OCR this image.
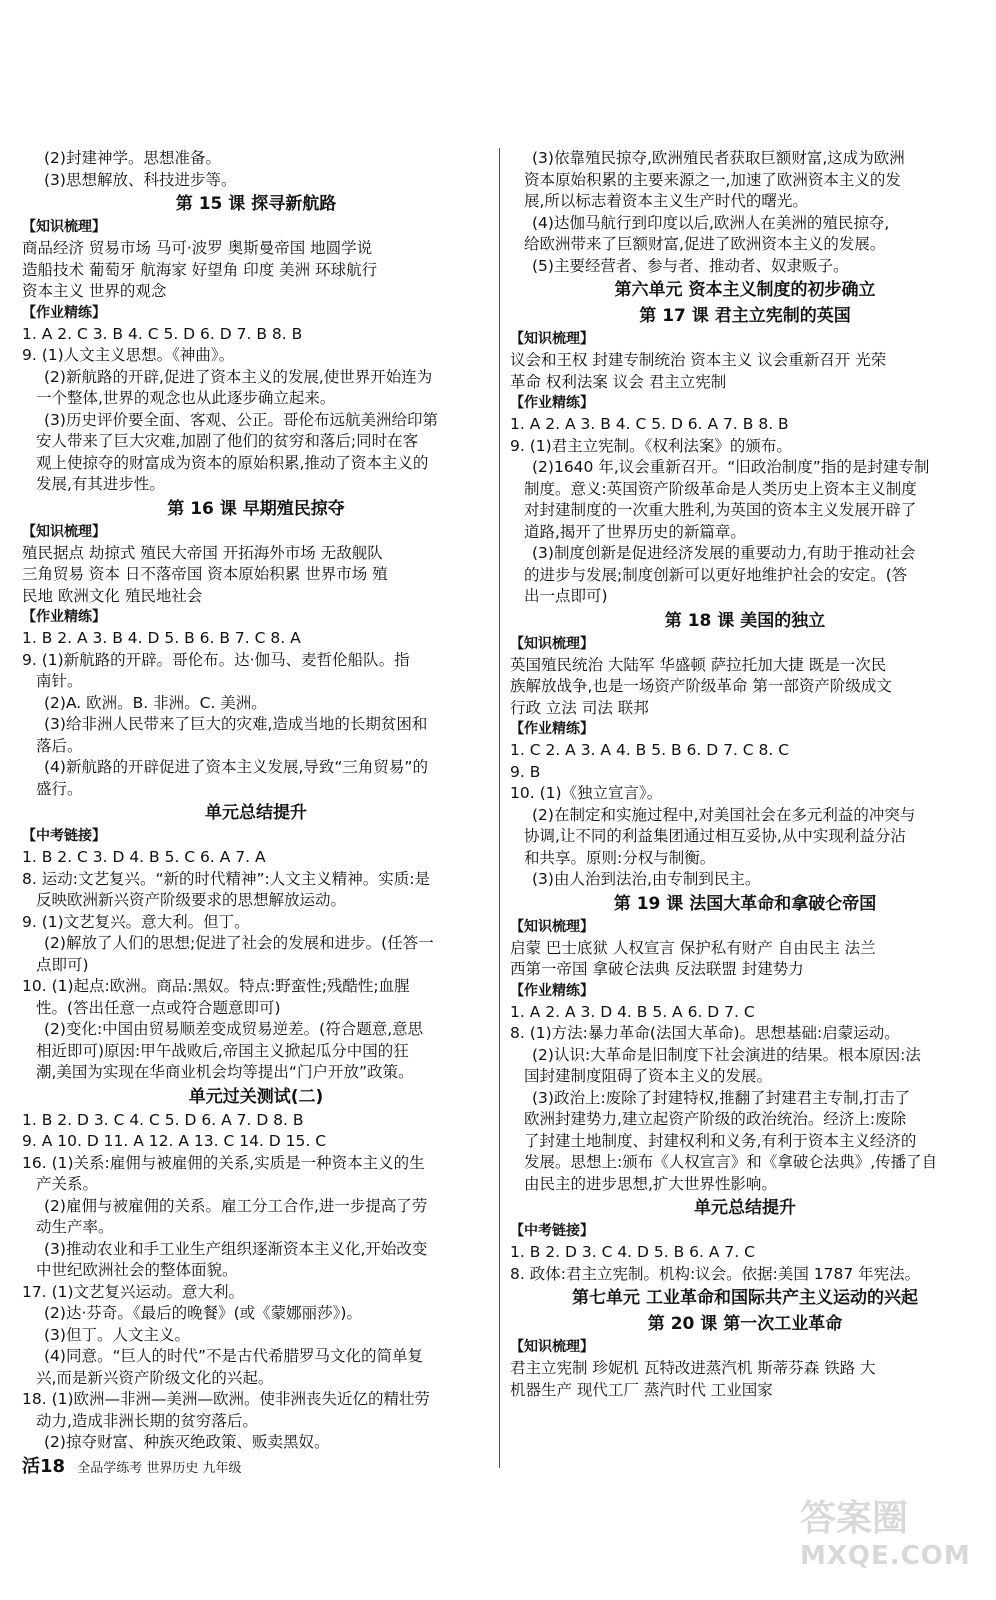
(2)封建神学。思想准备。
(3)思想解放、科技进步等。
第 15 课 探寻新航路
【知识梳理】
商品经济 贸易市场 马可·波罗 奥斯曼帝国 地圆学说
造船技术 葡萄牙 航海家 好望角 印度 美洲 环球航行
资本主义 世界的观念
【作业精练】
1. A 2. C 3. B 4. C 5. D 6. D 7. B 8. B
9. (1)人文主义思想。《神曲》。
(2)新航路的开辟,促进了资本主义的发展,使世界开始连为
一个整体,世界的观念也从此逐步确立起来。
(3)历史评价要全面、客观、公正。哥伦布远航美洲给印第
安人带来了巨大灾难,加剧了他们的贫穷和落后;同时在客
观上使掠夺的财富成为资本的原始积累,推动了资本主义的
发展,有其进步性。
第 16 课 早期殖民掠夺
【知识梳理】
殖民据点 劫掠式 殖民大帝国 开拓海外市场 无敌舰队
三角贸易 资本 日不落帝国 资本原始积累 世界市场 殖
民地 欧洲文化 殖民地社会
【作业精练】
1. B 2. A 3. B 4. D 5. B 6. B 7. C 8. A
9. (1)新航路的开辟。哥伦布。达·伽马、麦哲伦船队。指
南针。
(2)A. 欧洲。B. 非洲。C. 美洲。
(3)给非洲人民带来了巨大的灾难,造成当地的长期贫困和
落后。
(4)新航路的开辟促进了资本主义发展,导致“三角贸易”的
盛行。
单元总结提升
【中考链接】
1. B 2. C 3. D 4. B 5. C 6. A 7. A
8. 运动:文艺复兴。“新的时代精神”:人文主义精神。实质:是
反映欧洲新兴资产阶级要求的思想解放运动。
9. (1)文艺复兴。意大利。但丁。
(2)解放了人们的思想;促进了社会的发展和进步。(任答一
点即可)
10. (1)起点:欧洲。商品:黑奴。特点:野蛮性;残酷性;血腥
性。(答出任意一点或符合题意即可)
(2)变化:中国由贸易顺差变成贸易逆差。(符合题意,意思
相近即可)原因:甲午战败后,帝国主义掀起瓜分中国的狂
潮,美国为实现在华商业机会均等提出“门户开放”政策。
单元过关测试(二)
1. B 2. D 3. C 4. C 5. D 6. A 7. D 8. B
9. A 10. D 11. A 12. A 13. C 14. D 15. C
16. (1)关系:雇佣与被雇佣的关系,实质是一种资本主义的生
产关系。
(2)雇佣与被雇佣的关系。雇工分工合作,进一步提高了劳
动生产率。
(3)推动农业和手工业生产组织逐渐资本主义化,开始改变
中世纪欧洲社会的整体面貌。
17. (1)文艺复兴运动。意大利。
(2)达·芬奇。《最后的晚餐》(或《蒙娜丽莎》)。
(3)但丁。人文主义。
(4)同意。“巨人的时代”不是古代希腊罗马文化的简单复
兴,而是新兴资产阶级文化的兴起。
18. (1)欧洲—非洲—美洲—欧洲。使非洲丧失近亿的精壮劳
动力,造成非洲长期的贫穷落后。
(2)掠夺财富、种族灭绝政策、贩卖黑奴。
(3)依靠殖民掠夺,欧洲殖民者获取巨额财富,这成为欧洲
资本原始积累的主要来源之一,加速了欧洲资本主义的发
展,所以标志着资本主义生产时代的曙光。
(4)达伽马航行到印度以后,欧洲人在美洲的殖民掠夺,
给欧洲带来了巨额财富,促进了欧洲资本主义的发展。
(5)主要经营者、参与者、推动者、奴隶贩子。
第六单元 资本主义制度的初步确立
第 17 课 君主立宪制的英国
【知识梳理】
议会和王权 封建专制统治 资本主义 议会重新召开 光荣
革命 权利法案 议会 君主立宪制
【作业精练】
1. A 2. A 3. B 4. C 5. D 6. A 7. B 8. B
9. (1)君主立宪制。《权利法案》的颁布。
(2)1640 年,议会重新召开。“旧政治制度”指的是封建专制
制度。意义:英国资产阶级革命是人类历史上资本主义制度
对封建制度的一次重大胜利,为英国的资本主义发展开辟了
道路,揭开了世界历史的新篇章。
(3)制度创新是促进经济发展的重要动力,有助于推动社会
的进步与发展;制度创新可以更好地维护社会的安定。(答
出一点即可)
第 18 课 美国的独立
【知识梳理】
英国殖民统治 大陆军 华盛顿 萨拉托加大捷 既是一次民
族解放战争,也是一场资产阶级革命 第一部资产阶级成文
行政 立法 司法 联邦
【作业精练】
1. C 2. A 3. A 4. B 5. B 6. D 7. C 8. C
9. B
10. (1)《独立宣言》。
(2)在制定和实施过程中,对美国社会在多元利益的冲突与
协调,让不同的利益集团通过相互妥协,从中实现利益分沾
和共享。原则:分权与制衡。
(3)由人治到法治,由专制到民主。
第 19 课 法国大革命和拿破仑帝国
【知识梳理】
启蒙 巴士底狱 人权宣言 保护私有财产 自由民主 法兰
西第一帝国 拿破仑法典 反法联盟 封建势力
【作业精练】
1. A 2. A 3. D 4. B 5. A 6. D 7. C
8. (1)方法:暴力革命(法国大革命)。思想基础:启蒙运动。
(2)认识:大革命是旧制度下社会演进的结果。根本原因:法
国封建制度阻碍了资本主义的发展。
(3)政治上:废除了封建特权,推翻了封建君主专制,打击了
欧洲封建势力,建立起资产阶级的政治统治。经济上:废除
了封建土地制度、封建权利和义务,有利于资本主义经济的
发展。思想上:颁布《人权宣言》和《拿破仑法典》,传播了自
由民主的进步思想,扩大世界性影响。
单元总结提升
【中考链接】
1. B 2. D 3. C 4. D 5. B 6. A 7. C
8. 政体:君主立宪制。机构:议会。依据:美国 1787 年宪法。
第七单元 工业革命和国际共产主义运动的兴起
第 20 课 第一次工业革命
【知识梳理】
君主立宪制 珍妮机 瓦特改进蒸汽机 斯蒂芬森 铁路 大
机器生产 现代工厂 蒸汽时代 工业国家
活18 全品学练考 世界历史 九年级
答案圈
MXQE.COM
